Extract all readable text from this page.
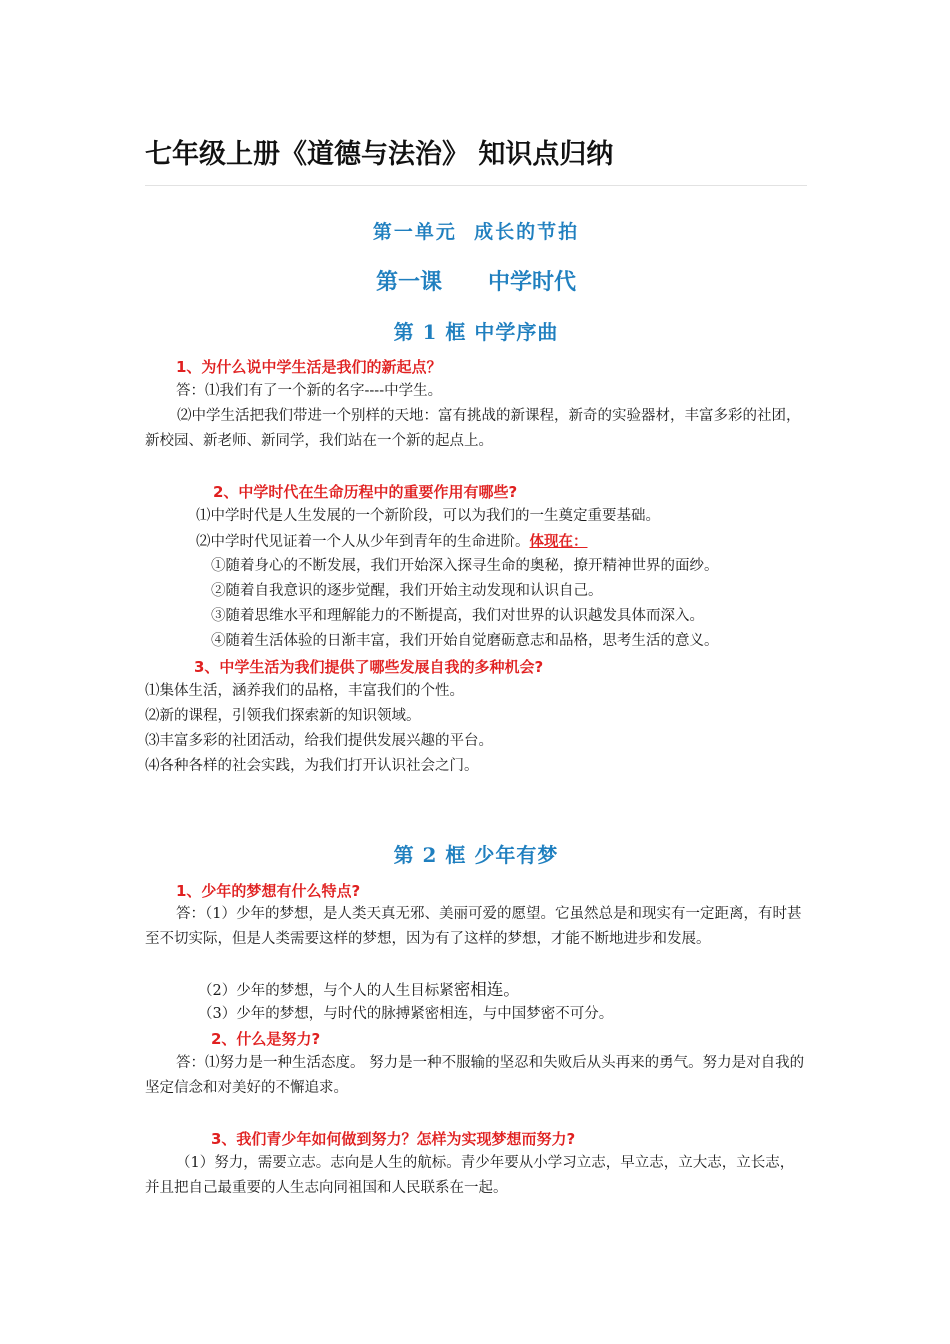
七年级上册《道德与法治》 知识点归纳
第一单元  成长的节拍
第一课      中学时代
第 1 框 中学序曲
1、为什么说中学生活是我们的新起点？
答：⑴我们有了一个新的名字----中学生。
⑵中学生活把我们带进一个别样的天地：富有挑战的新课程，新奇的实验器材，丰富多彩的社团，新校园、新老师、新同学，我们站在一个新的起点上。
2、中学时代在生命历程中的重要作用有哪些?
⑴中学时代是人生发展的一个新阶段，可以为我们的一生奠定重要基础。
⑵中学时代见证着一个人从少年到青年的生命进阶。体现在：
①随着身心的不断发展，我们开始深入探寻生命的奥秘，撩开精神世界的面纱。
②随着自我意识的逐步觉醒，我们开始主动发现和认识自己。
③随着思维水平和理解能力的不断提高，我们对世界的认识越发具体而深入。
④随着生活体验的日渐丰富，我们开始自觉磨砺意志和品格，思考生活的意义。
3、中学生活为我们提供了哪些发展自我的多种机会?
⑴集体生活，涵养我们的品格，丰富我们的个性。
⑵新的课程，引领我们探索新的知识领域。
⑶丰富多彩的社团活动，给我们提供发展兴趣的平台。
⑷各种各样的社会实践，为我们打开认识社会之门。
第 2 框 少年有梦
1、少年的梦想有什么特点?
答：（1）少年的梦想，是人类天真无邪、美丽可爱的愿望。它虽然总是和现实有一定距离，有时甚至不切实际，但是人类需要这样的梦想，因为有了这样的梦想，才能不断地进步和发展。
（2）少年的梦想，与个人的人生目标紧密相连。
（3）少年的梦想，与时代的脉搏紧密相连，与中国梦密不可分。
2、什么是努力?
答：⑴努力是一种生活态度。 努力是一种不服输的坚忍和失败后从头再来的勇气。努力是对自我的坚定信念和对美好的不懈追求。
3、我们青少年如何做到努力？怎样为实现梦想而努力?
（1）努力，需要立志。志向是人生的航标。青少年要从小学习立志，早立志，立大志，立长志，并且把自己最重要的人生志向同祖国和人民联系在一起。
